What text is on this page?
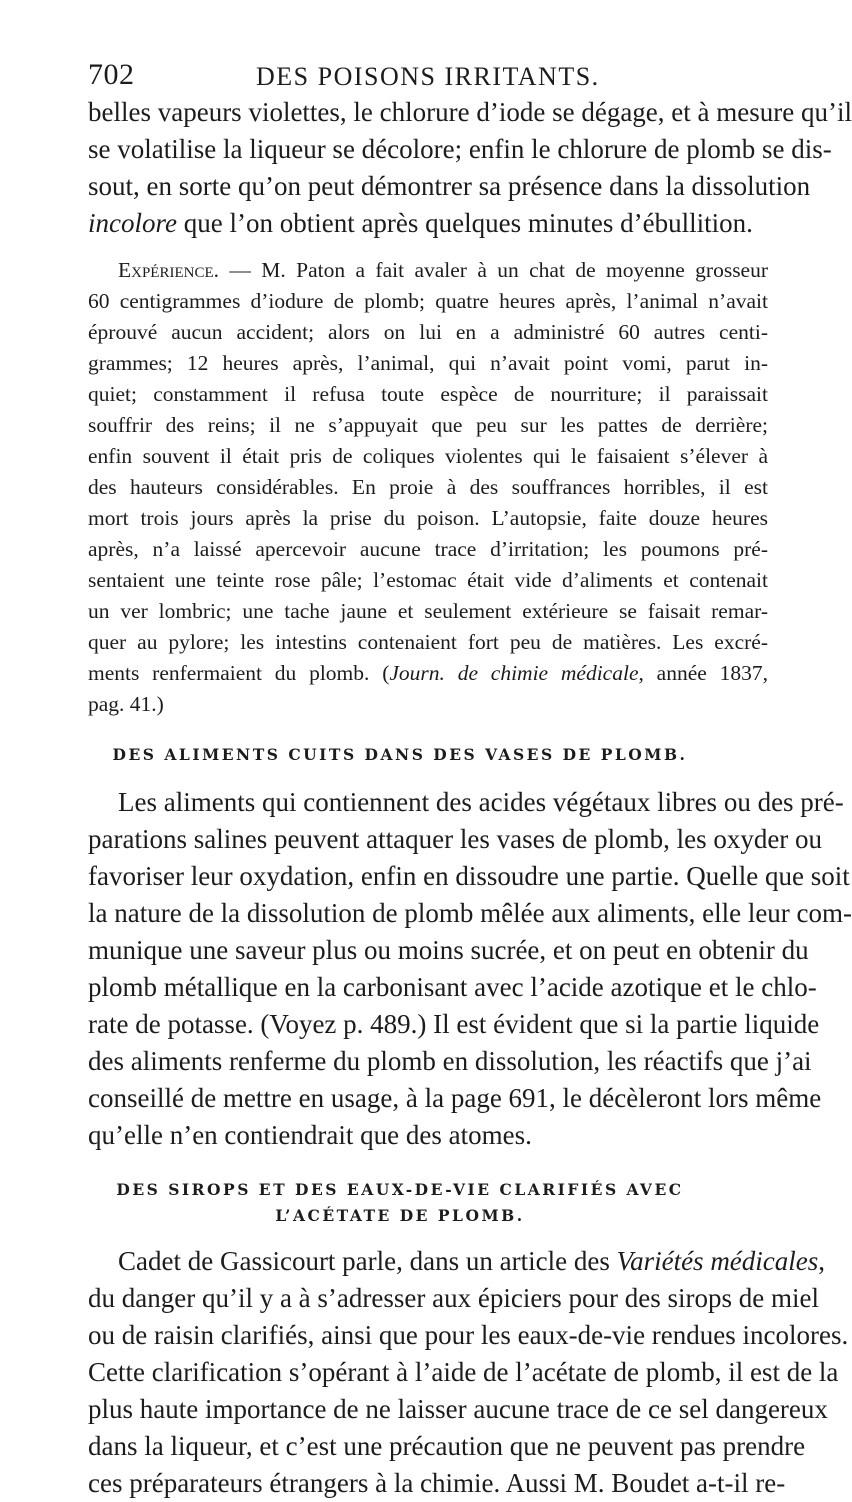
702	DES POISONS IRRITANTS.
belles vapeurs violettes, le chlorure d’iode se dégage, et à mesure qu’il
se volatilise la liqueur se décolore; enfin le chlorure de plomb se dis-
sout, en sorte qu’on peut démontrer sa présence dans la dissolution
incolore que l’on obtient après quelques minutes d’ébullition.
Expérience. — M. Paton a fait avaler à un chat de moyenne grosseur
60 centigrammes d’iodure de plomb; quatre heures après, l’animal n’avait
éprouvé aucun accident; alors on lui en a administré 60 autres centi-
grammes; 12 heures après, l’animal, qui n’avait point vomi, parut in-
quiet; constamment il refusa toute espèce de nourriture; il paraissait
souffrir des reins; il ne s’appuyait que peu sur les pattes de derrière;
enfin souvent il était pris de coliques violentes qui le faisaient s’élever à
des hauteurs considérables. En proie à des souffrances horribles, il est
mort trois jours après la prise du poison. L’autopsie, faite douze heures
après, n’a laissé apercevoir aucune trace d’irritation; les poumons pré-
sentaient une teinte rose pâle; l’estomac était vide d’aliments et contenait
un ver lombric; une tache jaune et seulement extérieure se faisait remar-
quer au pylore; les intestins contenaient fort peu de matières. Les excré-
ments renfermaient du plomb. (Journ. de chimie médicale, année 1837,
pag. 41.)
DES ALIMENTS CUITS DANS DES VASES DE PLOMB.
Les aliments qui contiennent des acides végétaux libres ou des pré-
parations salines peuvent attaquer les vases de plomb, les oxyder ou
favoriser leur oxydation, enfin en dissoudre une partie. Quelle que soit
la nature de la dissolution de plomb mêlée aux aliments, elle leur com-
munique une saveur plus ou moins sucrée, et on peut en obtenir du
plomb métallique en la carbonisant avec l’acide azotique et le chlo-
rate de potasse. (Voyez p. 489.) Il est évident que si la partie liquide
des aliments renferme du plomb en dissolution, les réactifs que j’ai
conseillé de mettre en usage, à la page 691, le décèleront lors même
qu’elle n’en contiendrait que des atomes.
DES SIROPS ET DES EAUX-DE-VIE CLARIFIÉS AVEC
L’ACÉTATE DE PLOMB.
Cadet de Gassicourt parle, dans un article des Variétés médicales,
du danger qu’il y a à s’adresser aux épiciers pour des sirops de miel
ou de raisin clarifiés, ainsi que pour les eaux-de-vie rendues incolores.
Cette clarification s’opérant à l’aide de l’acétate de plomb, il est de la
plus haute importance de ne laisser aucune trace de ce sel dangereux
dans la liqueur, et c’est une précaution que ne peuvent pas prendre
ces préparateurs étrangers à la chimie. Aussi M. Boudet a-t-il re-
